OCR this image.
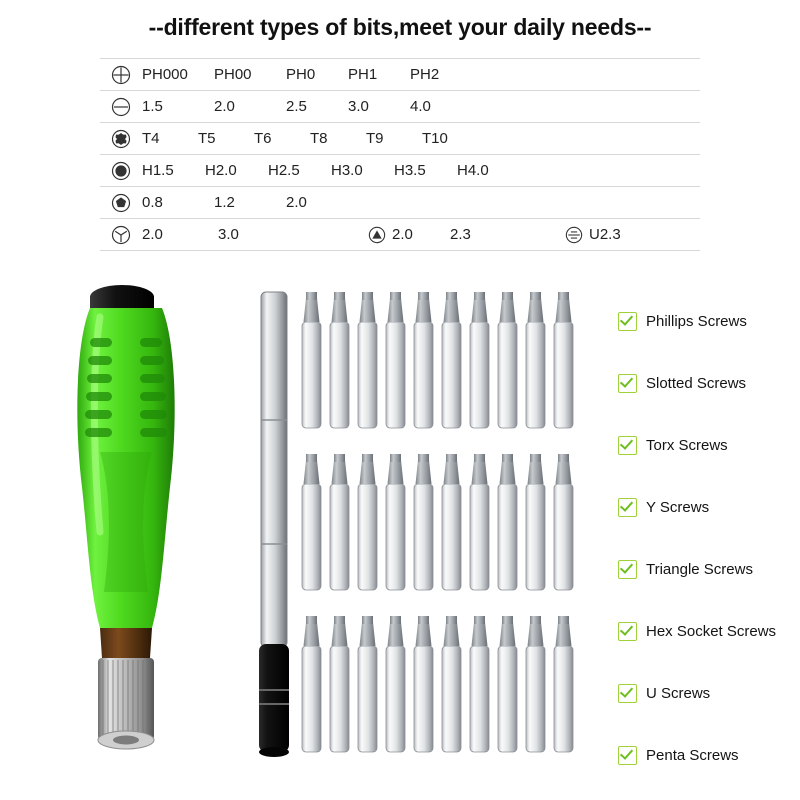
--different types of bits,meet your daily needs--
PH000	PH00	PH0	PH1	PH2
1.5	2.0	2.5	3.0	4.0
T4	T5	T6	T8	T9	T10
H1.5	H2.0	H2.5	H3.0	H3.5	H4.0
0.8	1.2	2.0
2.0	3.0	2.0	2.3	U2.3
Phillips Screws
Slotted Screws
Torx Screws
Y Screws
Triangle Screws
Hex Socket Screws
U Screws
Penta Screws
